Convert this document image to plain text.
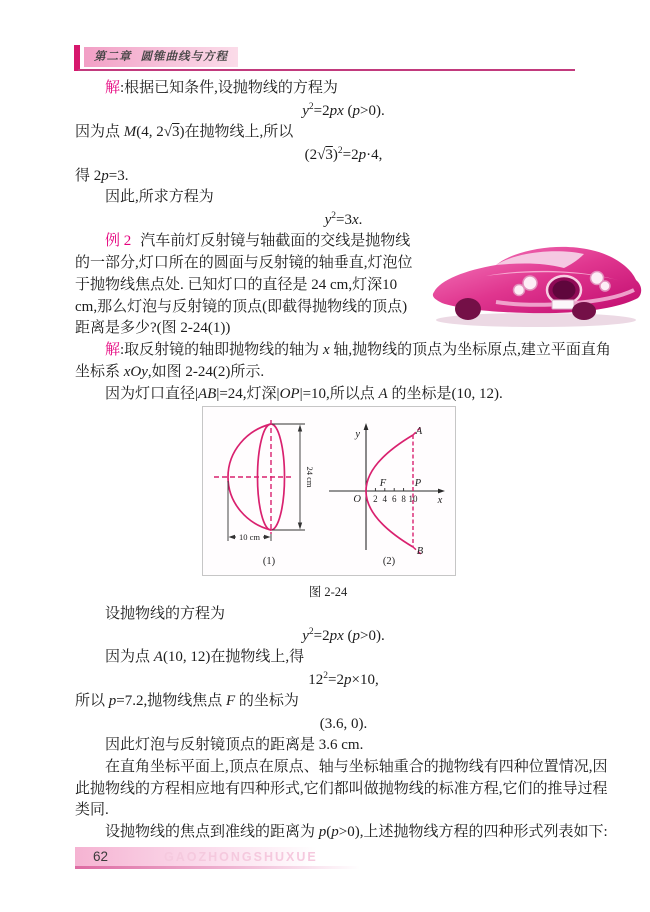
第二章 圆锥曲线与方程

解:根据已知条件,设抛物线的方程为

$y^2=2px$ (p>0).

因为点 M(4, 2√3)在抛物线上,所以

$(2√3)^2=2p\cdot 4$,

得 2p=3.

因此,所求方程为

$y^2=3x$.

例 2 汽车前灯反射镜与轴截面的交线是抛物线的一部分,灯口所在的圆面与反射镜的轴垂直,灯泡位于抛物线焦点处. 已知灯口的直径是 24 cm,灯深10 cm,那么灯泡与反射镜的顶点(即截得抛物线的顶点)距离是多少?(图 2-24(1))

解:取反射镜的轴即抛物线的轴为 x 轴,抛物线的顶点为坐标原点,建立平面直角坐标系 xOy,如图 2-24(2)所示.

因为灯口直径|AB|=24,灯深|OP|=10,所以点 A 的坐标是(10, 12).

24 cm
10 cm
(1)
y
O	x
2 4 6 8 10
F	P
A
B
(2)
图 2-24

设抛物线的方程为

$y^2=2px$ (p>0).

因为点 A(10, 12)在抛物线上,得

$12^2=2p\times 10$,

所以 p=7.2,抛物线焦点 F 的坐标为

(3.6, 0).

因此灯泡与反射镜顶点的距离是 3.6 cm.

在直角坐标平面上,顶点在原点、轴与坐标轴重合的抛物线有四种位置情况,因此抛物线的方程相应地有四种形式,它们都叫做抛物线的标准方程,它们的推导过程类同.

设抛物线的焦点到准线的距离为 p(p>0),上述抛物线方程的四种形式列表如下:

62	GAOZHONGSHUXUE
